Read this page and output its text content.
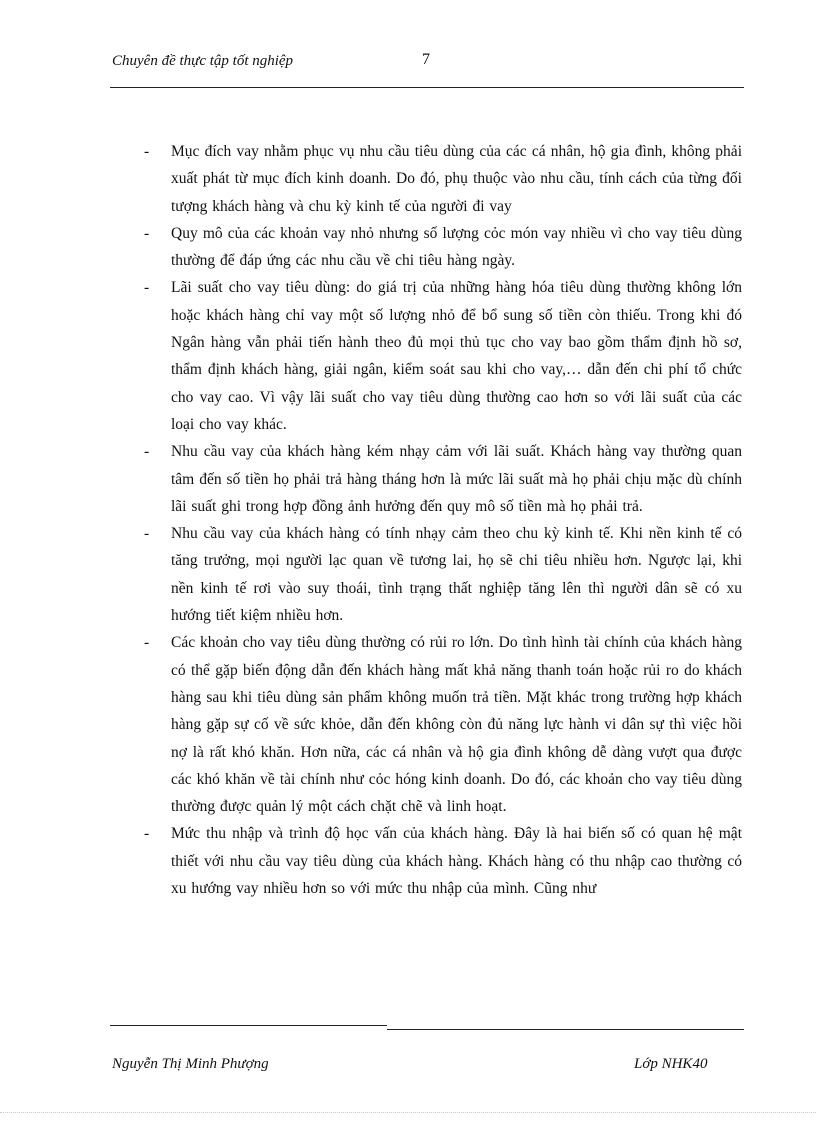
Chuyên đề thực tập tốt nghiệp	7
- Mục đích vay nhằm phục vụ nhu cầu tiêu dùng của các cá nhân, hộ gia đình, không phải xuất phát từ mục đích kinh doanh. Do đó, phụ thuộc vào nhu cầu, tính cách của từng đối tượng khách hàng và chu kỳ kinh tế của người đi vay
- Quy mô của các khoản vay nhỏ nhưng số lượng cỏc món vay nhiều vì cho vay tiêu dùng thường để đáp ứng các nhu cầu về chi tiêu hàng ngày.
- Lãi suất cho vay tiêu dùng: do giá trị của những hàng hóa tiêu dùng thường không lớn hoặc khách hàng chỉ vay một số lượng nhỏ để bổ sung số tiền còn thiếu. Trong khi đó Ngân hàng vẫn phải tiến hành theo đủ mọi thủ tục cho vay bao gồm thẩm định hồ sơ, thẩm định khách hàng, giải ngân, kiểm soát sau khi cho vay,… dẫn đến chi phí tổ chức cho vay cao. Vì vậy lãi suất cho vay tiêu dùng thường cao hơn so với lãi suất của các loại cho vay khác.
- Nhu cầu vay của khách hàng kém nhạy cảm với lãi suất. Khách hàng vay thường quan tâm đến số tiền họ phải trả hàng tháng hơn là mức lãi suất mà họ phải chịu mặc dù chính lãi suất ghi trong hợp đồng ảnh hưởng đến quy mô số tiền mà họ phải trả.
- Nhu cầu vay của khách hàng có tính nhạy cảm theo chu kỳ kinh tế. Khi nền kinh tế có tăng trưởng, mọi người lạc quan về tương lai, họ sẽ chi tiêu nhiều hơn. Ngược lại, khi nền kinh tế rơi vào suy thoái, tình trạng thất nghiệp tăng lên thì người dân sẽ có xu hướng tiết kiệm nhiều hơn.
- Các khoản cho vay tiêu dùng thường có rủi ro lớn. Do tình hình tài chính của khách hàng có thể gặp biến động dẫn đến khách hàng mất khả năng thanh toán hoặc rủi ro do khách hàng sau khi tiêu dùng sản phẩm không muốn trả tiền. Mặt khác trong trường hợp khách hàng gặp sự cố về sức khỏe, dẫn đến không còn đủ năng lực hành vi dân sự thì việc hồi nợ là rất khó khăn. Hơn nữa, các cá nhân và hộ gia đình không dễ dàng vượt qua được các khó khăn về tài chính như cỏc hóng kinh doanh. Do đó, các khoản cho vay tiêu dùng thường được quản lý một cách chặt chẽ và linh hoạt.
- Mức thu nhập và trình độ học vấn của khách hàng. Đây là hai biến số có quan hệ mật thiết với nhu cầu vay tiêu dùng của khách hàng. Khách hàng có thu nhập cao thường có xu hướng vay nhiều hơn so với mức thu nhập của mình. Cũng như
Nguyễn Thị Minh Phượng	Lớp NHK40
